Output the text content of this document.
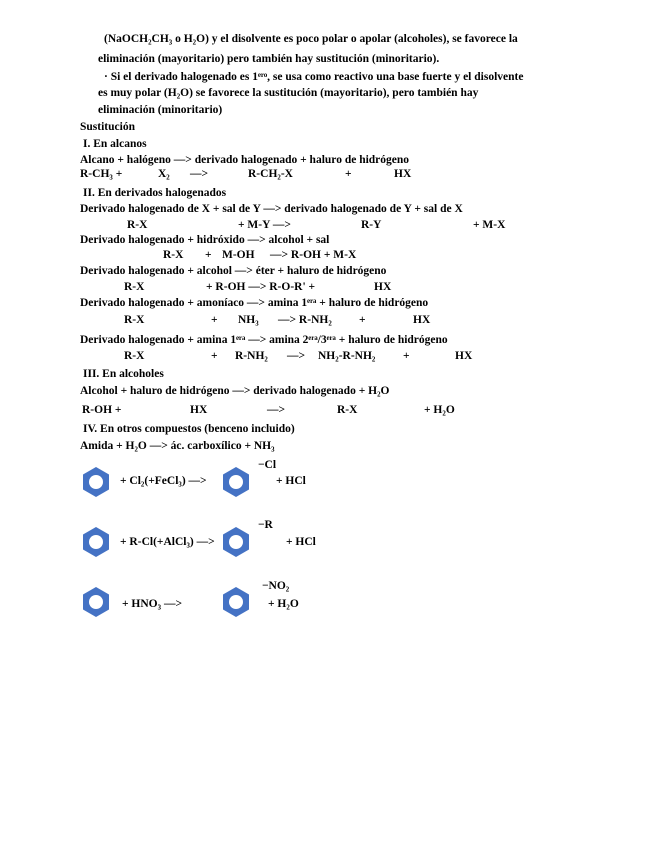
(NaOCH₂CH₃ o H₂O) y el disolvente es poco polar o apolar (alcoholes), se favorece la
eliminación (mayoritario) pero también hay sustitución (minoritario).
· Si el derivado halogenado es 1ᵉʳᵒ, se usa como reactivo una base fuerte y el disolvente
es muy polar (H₂O) se favorece la sustitución (mayoritario), pero también hay
eliminación (minoritario)
Sustitución
I. En alcanos
Alcano + halógeno —> derivado halogenado + haluro de hidrógeno
R-CH₃ +	X₂ —>	R-CH₂-X	+	HX
II. En derivados halogenados
Derivado halogenado de X + sal de Y —> derivado halogenado de Y + sal de X
R-X	+ M-Y —>	R-Y	+ M-X
Derivado halogenado + hidróxido —> alcohol + sal
R-X + M-OH —> R-OH + M-X
Derivado halogenado + alcohol —> éter + haluro de hidrógeno
R-X	+ R-OH —> R-O-R' +	HX
Derivado halogenado + amoníaco —> amina 1ᵉʳᵃ + haluro de hidrógeno
R-X	+ NH₃ —> R-NH₂ +	HX
Derivado halogenado + amina 1ᵉʳᵃ —> amina 2ᵉʳᵃ/3ᵉʳᵃ + haluro de hidrógeno
R-X	+ R-NH₂ —> NH₂-R-NH₂ +	HX
III. En alcoholes
Alcohol + haluro de hidrógeno —> derivado halogenado + H₂O
R-OH +	HX	—>	R-X	+ H₂O
IV. En otros compuestos (benceno incluido)
Amida + H₂O —> ác. carboxílico + NH₃
+ Cl₂(+FeCl₃) —>
−Cl
+ HCl
+ R-Cl(+AlCl₃) —>
−R
+ HCl
+ HNO₃ —>
−NO₂
+ H₂O
